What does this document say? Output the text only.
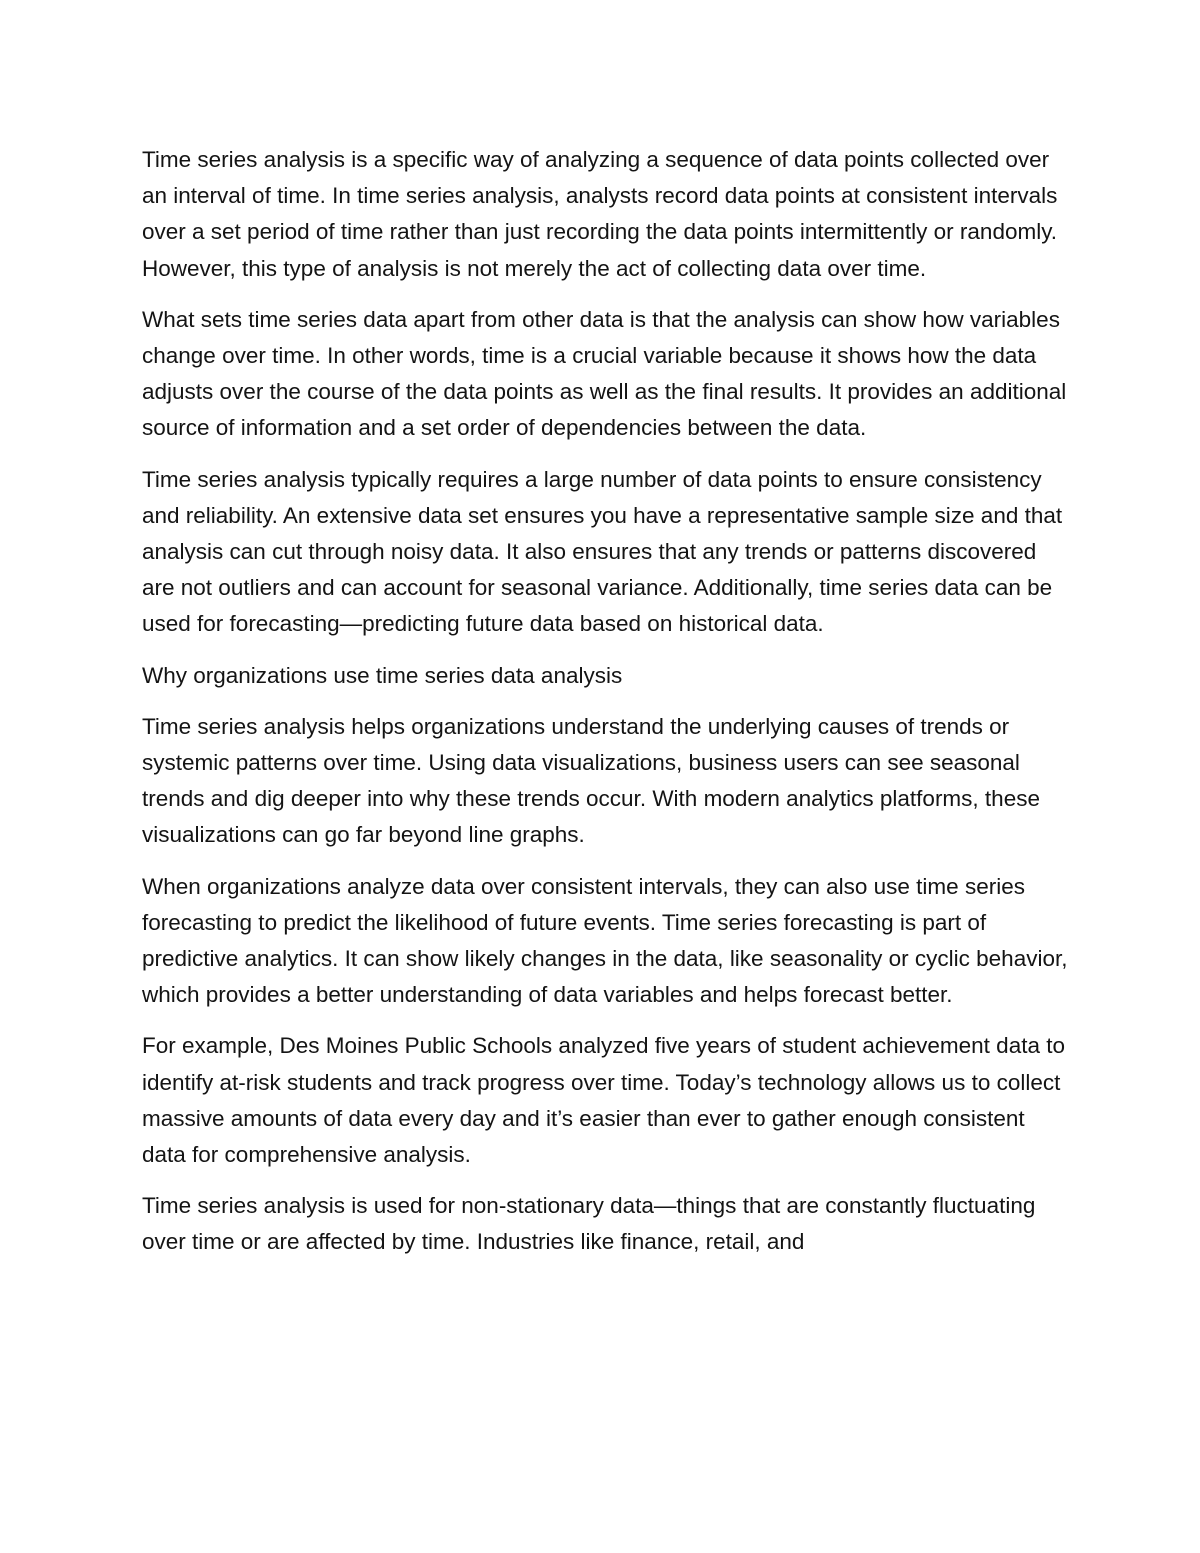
Time series analysis is a specific way of analyzing a sequence of data points collected over an interval of time. In time series analysis, analysts record data points at consistent intervals over a set period of time rather than just recording the data points intermittently or randomly. However, this type of analysis is not merely the act of collecting data over time.

What sets time series data apart from other data is that the analysis can show how variables change over time. In other words, time is a crucial variable because it shows how the data adjusts over the course of the data points as well as the final results. It provides an additional source of information and a set order of dependencies between the data.

Time series analysis typically requires a large number of data points to ensure consistency and reliability. An extensive data set ensures you have a representative sample size and that analysis can cut through noisy data. It also ensures that any trends or patterns discovered are not outliers and can account for seasonal variance. Additionally, time series data can be used for forecasting—predicting future data based on historical data.

Why organizations use time series data analysis

Time series analysis helps organizations understand the underlying causes of trends or systemic patterns over time. Using data visualizations, business users can see seasonal trends and dig deeper into why these trends occur. With modern analytics platforms, these visualizations can go far beyond line graphs.

When organizations analyze data over consistent intervals, they can also use time series forecasting to predict the likelihood of future events. Time series forecasting is part of predictive analytics. It can show likely changes in the data, like seasonality or cyclic behavior, which provides a better understanding of data variables and helps forecast better.

For example, Des Moines Public Schools analyzed five years of student achievement data to identify at-risk students and track progress over time. Today’s technology allows us to collect massive amounts of data every day and it’s easier than ever to gather enough consistent data for comprehensive analysis.

Time series analysis is used for non-stationary data—things that are constantly fluctuating over time or are affected by time. Industries like finance, retail, and
